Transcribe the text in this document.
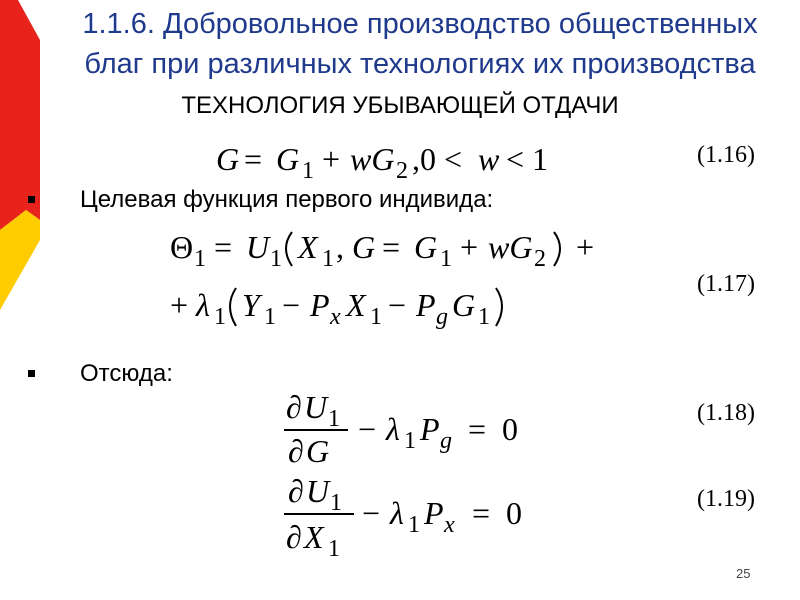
1.1.6. Добровольное производство общественных
благ при различных технологиях их производства
ТЕХНОЛОГИЯ УБЫВАЮЩЕЙ ОТДАЧИ
G = G 1 + wG 2 ,0 < w < 1	(1.16)
Целевая функция первого индивида:
Θ 1 = U 1 X 1 , G = G 1 + wG 2 +
+ λ 1 Y 1 − P x X 1 − P g G 1
(1.17)
Отсюда:
∂ U 1
∂ G
− λ 1 P g = 0	(1.18)
∂ U 1
∂ X 1
− λ 1 P x = 0	(1.19)
25
